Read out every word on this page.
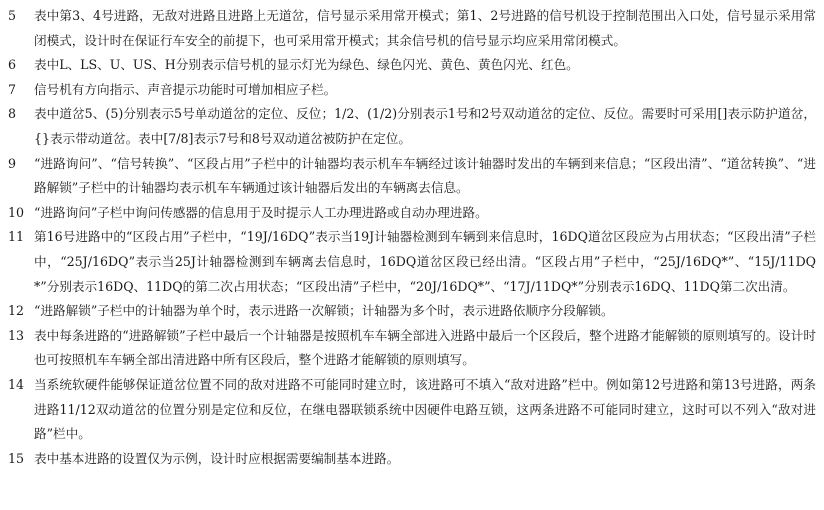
5	表中第3、4号进路，无敌对进路且进路上无道岔，信号显示采用常开模式；第1、2号进路的信号机设于控制范围出入口处，信号显示采用常闭模式，设计时在保证行车安全的前提下，也可采用常开模式；其余信号机的信号显示均应采用常闭模式。
6	表中L、LS、U、US、H分别表示信号机的显示灯光为绿色、绿色闪光、黄色、黄色闪光、红色。
7	信号机有方向指示、声音提示功能时可增加相应子栏。
8	表中道岔5、(5)分别表示5号单动道岔的定位、反位；1/2、(1/2)分别表示1号和2号双动道岔的定位、反位。需要时可采用[]表示防护道岔，{}表示带动道岔。表中[7/8]表示7号和8号双动道岔被防护在定位。
9	“进路询问”、“信号转换”、“区段占用”子栏中的计轴器均表示机车车辆经过该计轴器时发出的车辆到来信息；“区段出清”、“道岔转换”、“进路解锁”子栏中的计轴器均表示机车车辆通过该计轴器后发出的车辆离去信息。
10 “进路询问”子栏中询问传感器的信息用于及时提示人工办理进路或自动办理进路。
11 第16号进路中的“区段占用”子栏中，“19J/16DQ”表示当19J计轴器检测到车辆到来信息时，16DQ道岔区段应为占用状态；“区段出清”子栏中，“25J/16DQ”表示当25J计轴器检测到车辆离去信息时，16DQ道岔区段已经出清。“区段占用”子栏中，“25J/16DQ*”、“15J/11DQ*”分别表示16DQ、11DQ的第二次占用状态；“区段出清”子栏中，“20J/16DQ*”、“17J/11DQ*”分别表示16DQ、11DQ第二次出清。
12 “进路解锁”子栏中的计轴器为单个时，表示进路一次解锁；计轴器为多个时，表示进路依顺序分段解锁。
13 表中每条进路的“进路解锁”子栏中最后一个计轴器是按照机车车辆全部进入进路中最后一个区段后，整个进路才能解锁的原则填写的。设计时也可按照机车车辆全部出清进路中所有区段后，整个进路才能解锁的原则填写。
14 当系统软硬件能够保证道岔位置不同的敌对进路不可能同时建立时，该进路可不填入“敌对进路”栏中。例如第12号进路和第13号进路，两条进路11/12双动道岔的位置分别是定位和反位，在继电器联锁系统中因硬件电路互锁，这两条进路不可能同时建立，这时可以不列入“敌对进路”栏中。
15 表中基本进路的设置仅为示例，设计时应根据需要编制基本进路。
